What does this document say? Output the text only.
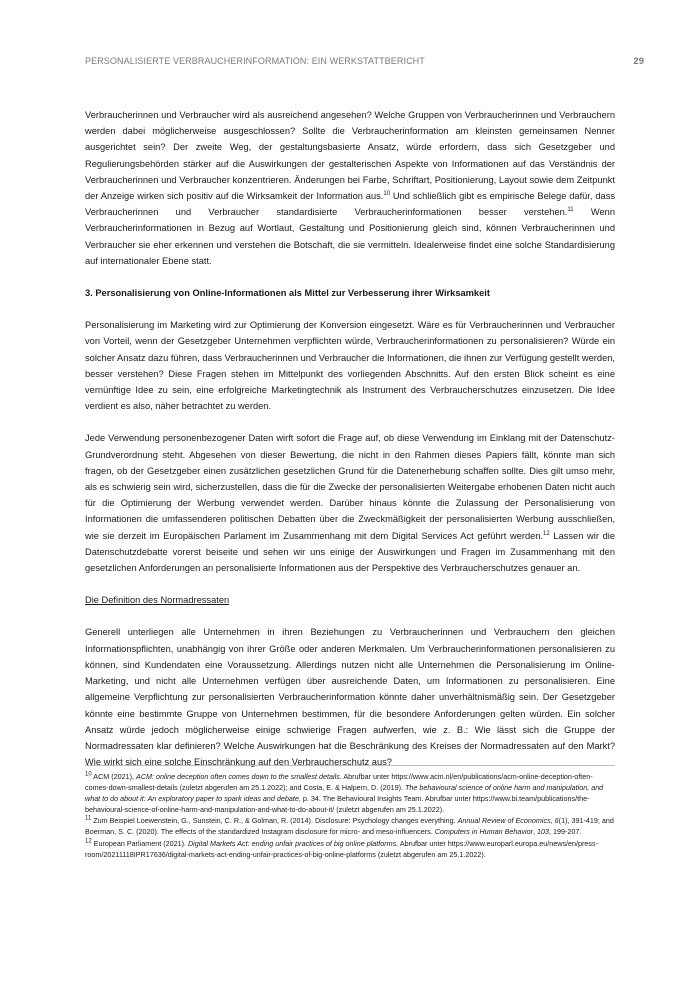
PERSONALISIERTE VERBRAUCHERINFORMATION: EIN WERKSTATTBERICHT	29

Verbraucherinnen und Verbraucher wird als ausreichend angesehen? Welche Gruppen von Verbraucherinnen und Verbrauchern werden dabei möglicherweise ausgeschlossen? Sollte die Verbraucherinformation am kleinsten gemeinsamen Nenner ausgerichtet sein? Der zweite Weg, der gestaltungsbasierte Ansatz, würde erfordern, dass sich Gesetzgeber und Regulierungsbehörden stärker auf die Auswirkungen der gestalterischen Aspekte von Informationen auf das Verständnis der Verbraucherinnen und Verbraucher konzentrieren. Änderungen bei Farbe, Schriftart, Positionierung, Layout sowie dem Zeitpunkt der Anzeige wirken sich positiv auf die Wirksamkeit der Information aus.$^{10}$ Und schließlich gibt es empirische Belege dafür, dass Verbraucherinnen und Verbraucher standardisierte Verbraucherinformationen besser verstehen.$^{11}$ Wenn Verbraucherinformationen in Bezug auf Wortlaut, Gestaltung und Positionierung gleich sind, können Verbraucherinnen und Verbraucher sie eher erkennen und verstehen die Botschaft, die sie vermitteln. Idealerweise findet eine solche Standardisierung auf internationaler Ebene statt.

3. Personalisierung von Online-Informationen als Mittel zur Verbesserung ihrer Wirksamkeit

Personalisierung im Marketing wird zur Optimierung der Konversion eingesetzt. Wäre es für Verbraucherinnen und Verbraucher von Vorteil, wenn der Gesetzgeber Unternehmen verpflichten würde, Verbraucherinformationen zu personalisieren? Würde ein solcher Ansatz dazu führen, dass Verbraucherinnen und Verbraucher die Informationen, die ihnen zur Verfügung gestellt werden, besser verstehen? Diese Fragen stehen im Mittelpunkt des vorliegenden Abschnitts. Auf den ersten Blick scheint es eine vernünftige Idee zu sein, eine erfolgreiche Marketingtechnik als Instrument des Verbraucherschutzes einzusetzen. Die Idee verdient es also, näher betrachtet zu werden.

Jede Verwendung personenbezogener Daten wirft sofort die Frage auf, ob diese Verwendung im Einklang mit der Datenschutz-Grundverordnung steht. Abgesehen von dieser Bewertung, die nicht in den Rahmen dieses Papiers fällt, könnte man sich fragen, ob der Gesetzgeber einen zusätzlichen gesetzlichen Grund für die Datenerhebung schaffen sollte. Dies gilt umso mehr, als es schwierig sein wird, sicherzustellen, dass die für die Zwecke der personalisierten Weitergabe erhobenen Daten nicht auch für die Optimierung der Werbung verwendet werden. Darüber hinaus könnte die Zulassung der Personalisierung von Informationen die umfassenderen politischen Debatten über die Zweckmäßigkeit der personalisierten Werbung ausschließen, wie sie derzeit im Europäischen Parlament im Zusammenhang mit dem Digital Services Act geführt werden.$^{12}$ Lassen wir die Datenschutzdebatte vorerst beiseite und sehen wir uns einige der Auswirkungen und Fragen im Zusammenhang mit den gesetzlichen Anforderungen an personalisierte Informationen aus der Perspektive des Verbraucherschutzes genauer an.

Die Definition des Normadressaten

Generell unterliegen alle Unternehmen in ihren Beziehungen zu Verbraucherinnen und Verbrauchern den gleichen Informationspflichten, unabhängig von ihrer Größe oder anderen Merkmalen. Um Verbraucherinformationen personalisieren zu können, sind Kundendaten eine Voraussetzung. Allerdings nutzen nicht alle Unternehmen die Personalisierung im Online-Marketing, und nicht alle Unternehmen verfügen über ausreichende Daten, um Informationen zu personalisieren. Eine allgemeine Verpflichtung zur personalisierten Verbraucherinformation könnte daher unverhältnismäßig sein. Der Gesetzgeber könnte eine bestimmte Gruppe von Unternehmen bestimmen, für die besondere Anforderungen gelten würden. Ein solcher Ansatz würde jedoch möglicherweise einige schwierige Fragen aufwerfen, wie z. B.: Wie lässt sich die Gruppe der Normadressaten klar definieren? Welche Auswirkungen hat die Beschränkung des Kreises der Normadressaten auf den Markt? Wie wirkt sich eine solche Einschränkung auf den Verbraucherschutz aus?

$^{10}$ ACM (2021), ACM: online deception often comes down to the smallest details. Abrufbar unter https://www.acm.nl/en/publications/acm-online-deception-often-comes-down-smallest-details (zuletzt abgerufen am 25.1.2022); and Costa, E. & Halpern, D. (2019). The behavioural science of online harm and manipulation, and what to do about it: An exploratory paper to spark ideas and debate, p. 34. The Behavioural Insights Team. Abrufbar unter https://www.bi.team/publications/the-behavioural-science-of-online-harm-and-manipulation-and-what-to-do-about-it/ (zuletzt abgerufen am 25.1.2022).

$^{11}$ Zum Beispiel Loewenstein, G., Sunstein, C. R., & Golman, R. (2014). Disclosure: Psychology changes everything. Annual Review of Economics, 6(1), 391-419; and Boerman, S. C. (2020). The effects of the standardized Instagram disclosure for micro- and meso-influencers. Computers in Human Behavior, 103, 199-207.

$^{12}$ European Parliament (2021). Digital Markets Act: ending unfair practices of big online platforms. Abrufbar unter https://www.europarl.europa.eu/news/en/press-room/20211118IPR17636/digital-markets-act-ending-unfair-practices-of-big-online-platforms (zuletzt abgerufen am 25.1.2022).
